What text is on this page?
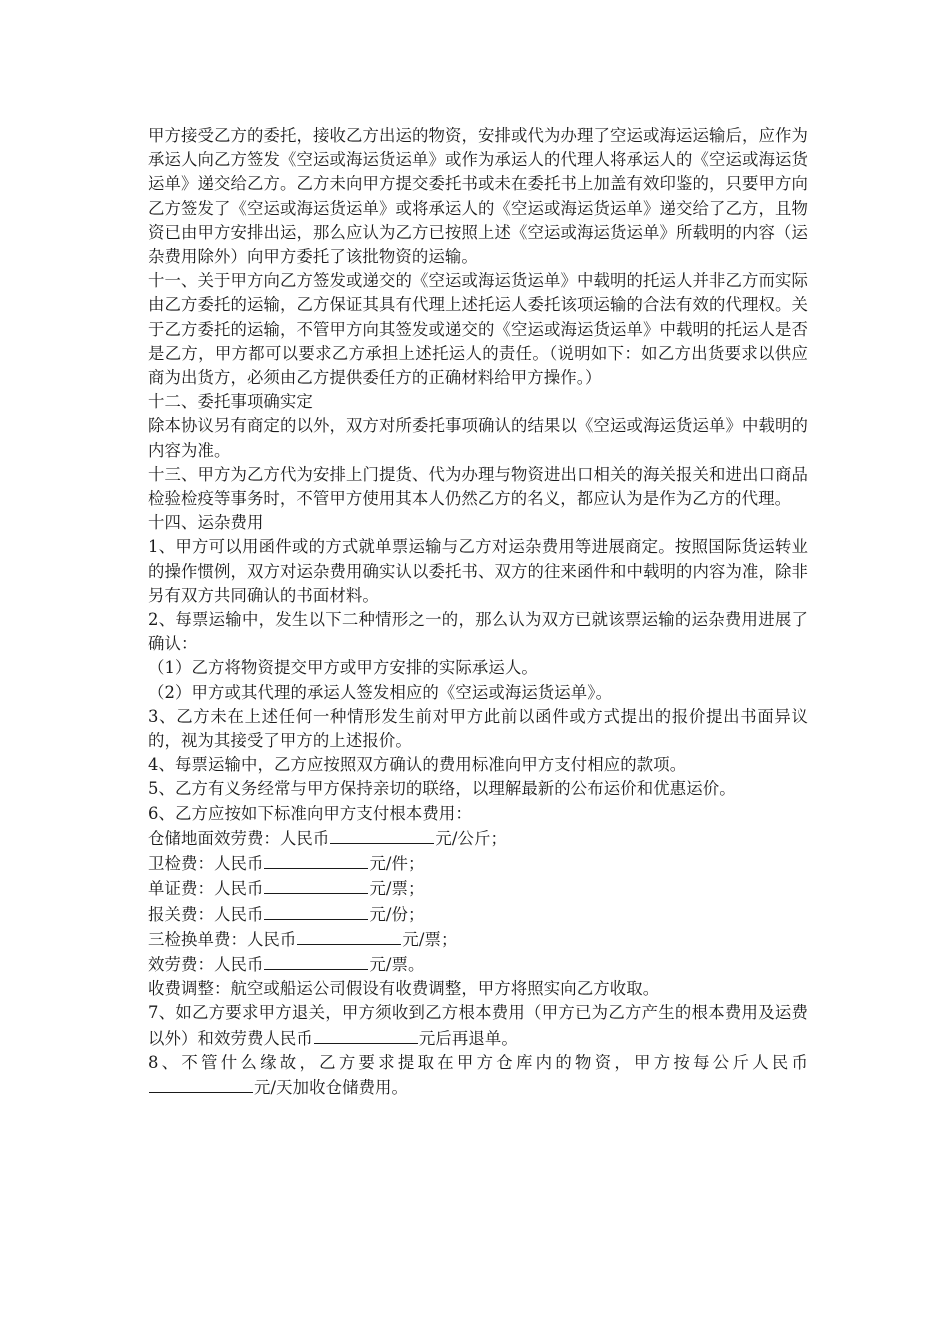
甲方接受乙方的委托，接收乙方出运的物资，安排或代为办理了空运或海运运输后，应作为承运人向乙方签发《空运或海运货运单》或作为承运人的代理人将承运人的《空运或海运货运单》递交给乙方。乙方未向甲方提交委托书或未在委托书上加盖有效印鉴的，只要甲方向乙方签发了《空运或海运货运单》或将承运人的《空运或海运货运单》递交给了乙方，且物资已由甲方安排出运，那么应认为乙方已按照上述《空运或海运货运单》所载明的内容（运杂费用除外）向甲方委托了该批物资的运输。

十一、关于甲方向乙方签发或递交的《空运或海运货运单》中载明的托运人并非乙方而实际由乙方委托的运输，乙方保证其具有代理上述托运人委托该项运输的合法有效的代理权。关于乙方委托的运输，不管甲方向其签发或递交的《空运或海运货运单》中载明的托运人是否是乙方，甲方都可以要求乙方承担上述托运人的责任。（说明如下：如乙方出货要求以供应商为出货方，必须由乙方提供委任方的正确材料给甲方操作。）

十二、委托事项确实定

除本协议另有商定的以外，双方对所委托事项确认的结果以《空运或海运货运单》中载明的内容为准。

十三、甲方为乙方代为安排上门提货、代为办理与物资进出口相关的海关报关和进出口商品检验检疫等事务时，不管甲方使用其本人仍然乙方的名义，都应认为是作为乙方的代理。

十四、运杂费用

1、甲方可以用函件或的方式就单票运输与乙方对运杂费用等进展商定。按照国际货运转业的操作惯例，双方对运杂费用确实认以委托书、双方的往来函件和中载明的内容为准，除非另有双方共同确认的书面材料。

2、每票运输中，发生以下二种情形之一的，那么认为双方已就该票运输的运杂费用进展了确认：

（1）乙方将物资提交甲方或甲方安排的实际承运人。

（2）甲方或其代理的承运人签发相应的《空运或海运货运单》。

3、乙方未在上述任何一种情形发生前对甲方此前以函件或方式提出的报价提出书面异议的，视为其接受了甲方的上述报价。

4、每票运输中，乙方应按照双方确认的费用标准向甲方支付相应的款项。

5、乙方有义务经常与甲方保持亲切的联络，以理解最新的公布运价和优惠运价。

6、乙方应按如下标准向甲方支付根本费用：

仓储地面效劳费：人民币	元/公斤；

卫检费：人民币	元/件；

单证费：人民币	元/票；

报关费：人民币	元/份；

三检换单费：人民币	元/票；

效劳费：人民币	元/票。

收费调整：航空或船运公司假设有收费调整，甲方将照实向乙方收取。

7、如乙方要求甲方退关，甲方须收到乙方根本费用（甲方已为乙方产生的根本费用及运费以外）和效劳费人民币	元后再退单。

8、不管什么缘故，乙方要求提取在甲方仓库内的物资，甲方按每公斤人民币元/天加收仓储费用。
